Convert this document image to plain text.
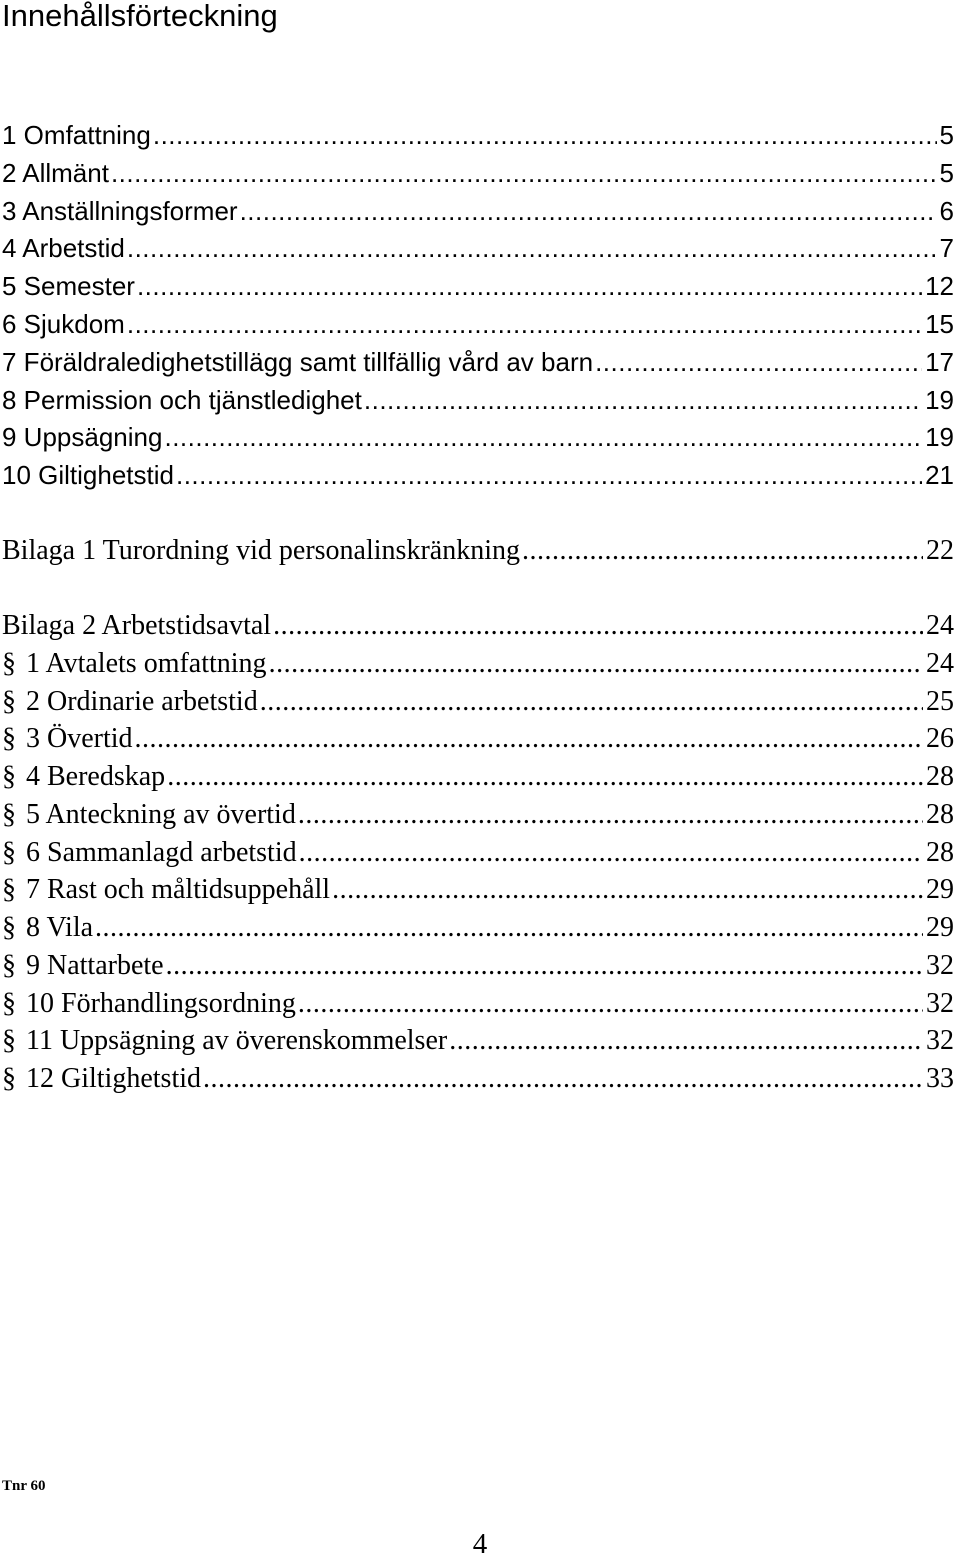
Innehållsförteckning
1 Omfattning .....	5
2 Allmänt .....	5
3 Anställningsformer .....	6
4 Arbetstid .....	7
5 Semester .....	12
6 Sjukdom .....	15
7 Föräldraledighetstillägg samt tillfällig vård av barn .....	17
8 Permission och tjänstledighet .....	19
9 Uppsägning .....	19
10 Giltighetstid .....	21
Bilaga 1 Turordning vid personalinskränkning .....	22
Bilaga 2 Arbetstidsavtal .....	24
§ 1 Avtalets omfattning .....	24
§ 2 Ordinarie arbetstid .....	25
§ 3 Övertid .....	26
§ 4 Beredskap .....	28
§ 5 Anteckning av övertid .....	28
§ 6 Sammanlagd arbetstid .....	28
§ 7 Rast och måltidsuppehåll .....	29
§ 8 Vila .....	29
§ 9 Nattarbete .....	32
§ 10 Förhandlingsordning .....	32
§ 11 Uppsägning av överenskommelser .....	32
§ 12 Giltighetstid .....	33
Tnr 60
4
